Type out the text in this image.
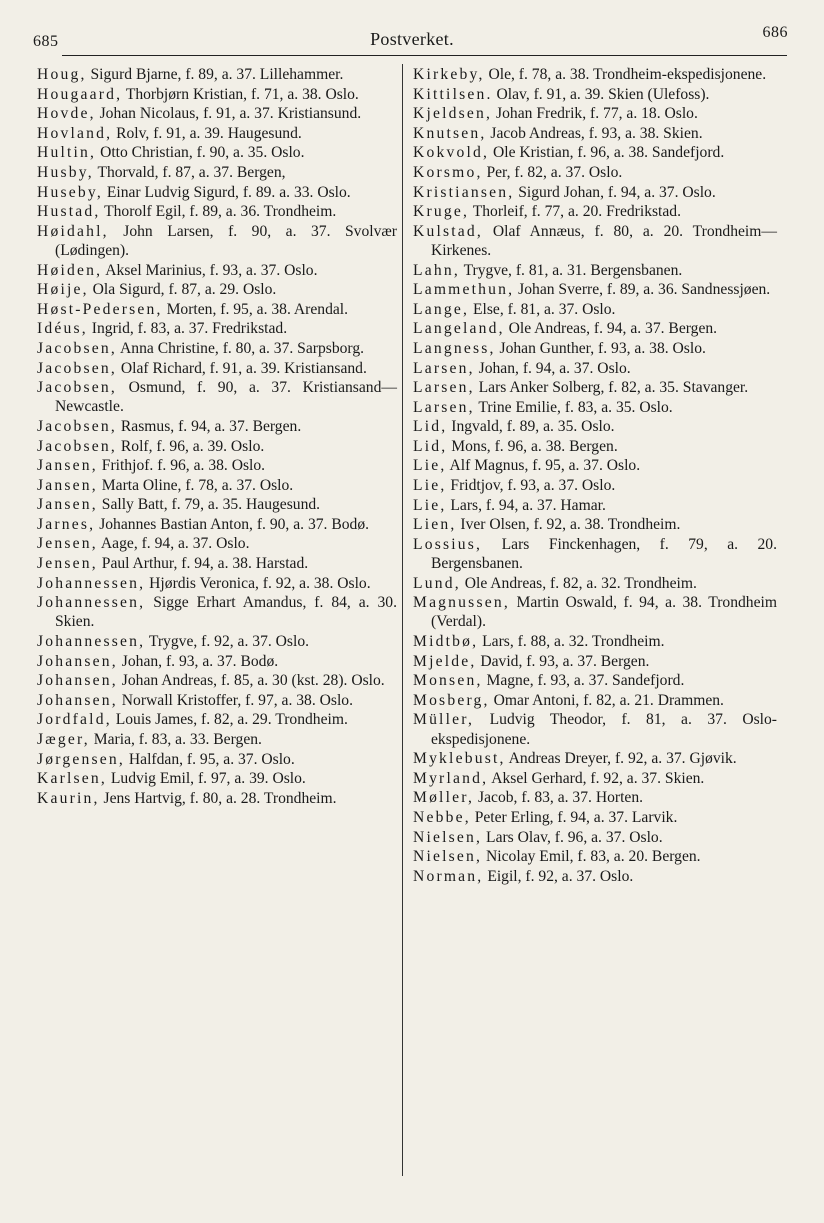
685	Postverket.	686
Houg, Sigurd Bjarne, f. 89, a. 37. Lillehammer.
Hougaard, Thorbjørn Kristian, f. 71, a. 38. Oslo.
Hovde, Johan Nicolaus, f. 91, a. 37. Kristiansund.
Hovland, Rolv, f. 91, a. 39. Haugesund.
Hultin, Otto Christian, f. 90, a. 35. Oslo.
Husby, Thorvald, f. 87, a. 37. Bergen,
Huseby, Einar Ludvig Sigurd, f. 89. a. 33. Oslo.
Hustad, Thorolf Egil, f. 89, a. 36. Trondheim.
Høidahl, John Larsen, f. 90, a. 37. Svolvær (Lødingen).
Høiden, Aksel Marinius, f. 93, a. 37. Oslo.
Høije, Ola Sigurd, f. 87, a. 29. Oslo.
Høst-Pedersen, Morten, f. 95, a. 38. Arendal.
Idéus, Ingrid, f. 83, a. 37. Fredrikstad.
Jacobsen, Anna Christine, f. 80, a. 37. Sarpsborg.
Jacobsen, Olaf Richard, f. 91, a. 39. Kristiansand.
Jacobsen, Osmund, f. 90, a. 37. Kristiansand—Newcastle.
Jacobsen, Rasmus, f. 94, a. 37. Bergen.
Jacobsen, Rolf, f. 96, a. 39. Oslo.
Jansen, Frithjof. f. 96, a. 38. Oslo.
Jansen, Marta Oline, f. 78, a. 37. Oslo.
Jansen, Sally Batt, f. 79, a. 35. Haugesund.
Jarnes, Johannes Bastian Anton, f. 90, a. 37. Bodø.
Jensen, Aage, f. 94, a. 37. Oslo.
Jensen, Paul Arthur, f. 94, a. 38. Harstad.
Johannessen, Hjørdis Veronica, f. 92, a. 38. Oslo.
Johannessen, Sigge Erhart Amandus, f. 84, a. 30. Skien.
Johannessen, Trygve, f. 92, a. 37. Oslo.
Johansen, Johan, f. 93, a. 37. Bodø.
Johansen, Johan Andreas, f. 85, a. 30 (kst. 28). Oslo.
Johansen, Norwall Kristoffer, f. 97, a. 38. Oslo.
Jordfald, Louis James, f. 82, a. 29. Trondheim.
Jæger, Maria, f. 83, a. 33. Bergen.
Jørgensen, Halfdan, f. 95, a. 37. Oslo.
Karlsen, Ludvig Emil, f. 97, a. 39. Oslo.
Kaurin, Jens Hartvig, f. 80, a. 28. Trondheim.
Kirkeby, Ole, f. 78, a. 38. Trondheim-ekspedisjonene.
Kittilsen. Olav, f. 91, a. 39. Skien (Ulefoss).
Kjeldsen, Johan Fredrik, f. 77, a. 18. Oslo.
Knutsen, Jacob Andreas, f. 93, a. 38. Skien.
Kokvold, Ole Kristian, f. 96, a. 38. Sandefjord.
Korsmo, Per, f. 82, a. 37. Oslo.
Kristiansen, Sigurd Johan, f. 94, a. 37. Oslo.
Kruge, Thorleif, f. 77, a. 20. Fredrikstad.
Kulstad, Olaf Annæus, f. 80, a. 20. Trondheim—Kirkenes.
Lahn, Trygve, f. 81, a. 31. Bergensbanen.
Lammethun, Johan Sverre, f. 89, a. 36. Sandnessjøen.
Lange, Else, f. 81, a. 37. Oslo.
Langeland, Ole Andreas, f. 94, a. 37. Bergen.
Langness, Johan Gunther, f. 93, a. 38. Oslo.
Larsen, Johan, f. 94, a. 37. Oslo.
Larsen, Lars Anker Solberg, f. 82, a. 35. Stavanger.
Larsen, Trine Emilie, f. 83, a. 35. Oslo.
Lid, Ingvald, f. 89, a. 35. Oslo.
Lid, Mons, f. 96, a. 38. Bergen.
Lie, Alf Magnus, f. 95, a. 37. Oslo.
Lie, Fridtjov, f. 93, a. 37. Oslo.
Lie, Lars, f. 94, a. 37. Hamar.
Lien, Iver Olsen, f. 92, a. 38. Trondheim.
Lossius, Lars Finckenhagen, f. 79, a. 20. Bergensbanen.
Lund, Ole Andreas, f. 82, a. 32. Trondheim.
Magnussen, Martin Oswald, f. 94, a. 38. Trondheim (Verdal).
Midtbø, Lars, f. 88, a. 32. Trondheim.
Mjelde, David, f. 93, a. 37. Bergen.
Monsen, Magne, f. 93, a. 37. Sandefjord.
Mosberg, Omar Antoni, f. 82, a. 21. Drammen.
Müller, Ludvig Theodor, f. 81, a. 37. Oslo-ekspedisjonene.
Myklebust, Andreas Dreyer, f. 92, a. 37. Gjøvik.
Myrland, Aksel Gerhard, f. 92, a. 37. Skien.
Møller, Jacob, f. 83, a. 37. Horten.
Nebbe, Peter Erling, f. 94, a. 37. Larvik.
Nielsen, Lars Olav, f. 96, a. 37. Oslo.
Nielsen, Nicolay Emil, f. 83, a. 20. Bergen.
Norman, Eigil, f. 92, a. 37. Oslo.
